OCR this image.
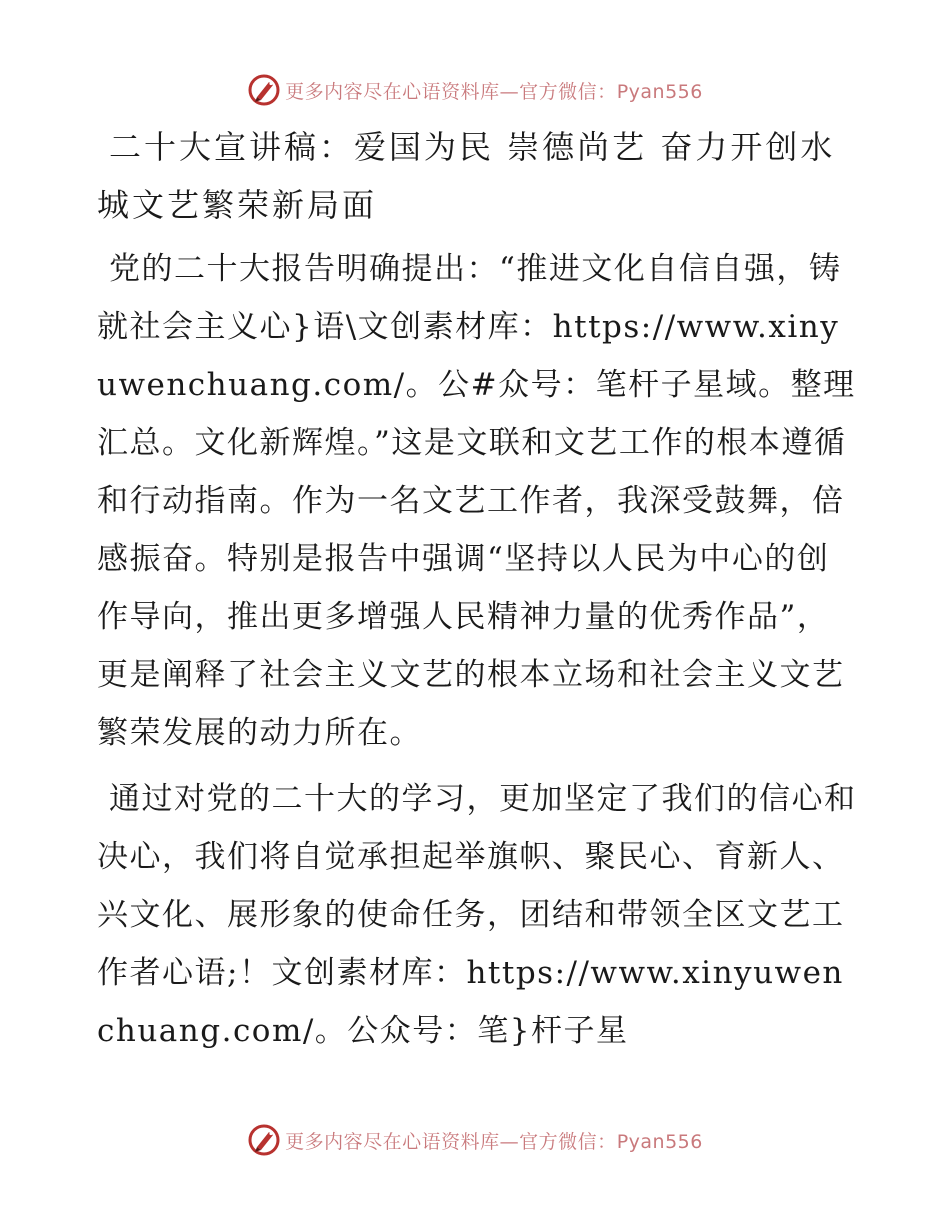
更多内容尽在心语资料库—官方微信：Pyan556
二十大宣讲稿：爱国为民 崇德尚艺 奋力开创水城文艺繁荣新局面

党的二十大报告明确提出：“推进文化自信自强，铸就社会主义心}语\文创素材库：https://www.xinyuwenchuang.com/。公#众号：笔杆子星域。整理汇总。文化新辉煌。”这是文联和文艺工作的根本遵循和行动指南。作为一名文艺工作者，我深受鼓舞，倍感振奋。特别是报告中强调“坚持以人民为中心的创作导向，推出更多增强人民精神力量的优秀作品”，更是阐释了社会主义文艺的根本立场和社会主义文艺繁荣发展的动力所在。

通过对党的二十大的学习，更加坚定了我们的信心和决心，我们将自觉承担起举旗帜、聚民心、育新人、兴文化、展形象的使命任务，团结和带领全区文艺工作者心语;！文创素材库：https://www.xinyuwenchuang.com/。公众号：笔}杆子星

更多内容尽在心语资料库—官方微信：Pyan556
